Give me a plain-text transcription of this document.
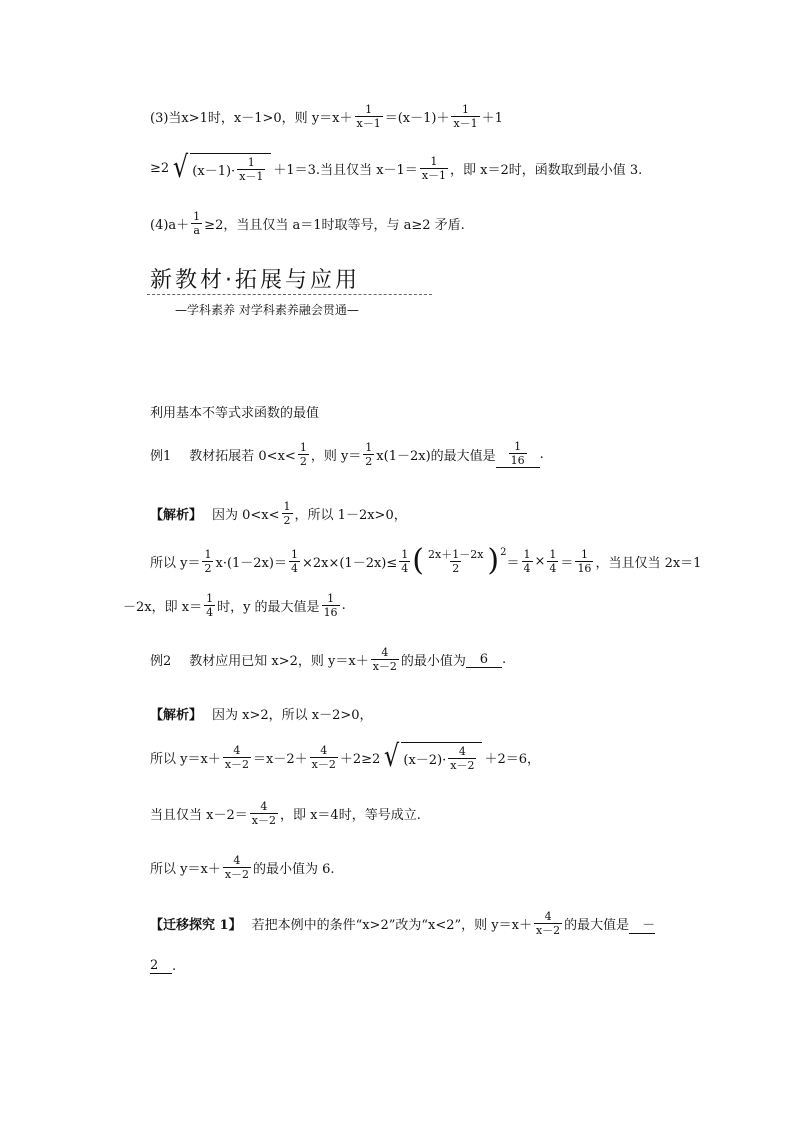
(3)当 x>1时，x－1>0，则 $y=x+ \frac{1}{x-1} =(x-1)+ \frac{1}{x-1} +1$
≥2 √ $(x-1)\cdot \frac{1}{x-1} +1=3$.当且仅当 $x-1= \frac{1}{x-1}$ ，即 x＝2时，函数取到最小值 3.
$(4)a+ \frac{1}{a} \ge 2$，当且仅当 a＝1时取等号，与 a≥2 矛盾.
新教材·拓展与应用
—学科素养 对学科素养融会贯通—
利用基本不等式求函数的最值
例1 教材拓展若 $0<x< \frac{1}{2}$ ，则 $y= \frac{1}{2} x(1-2x)$的最大值是 $\frac{1}{16}$ .
【解析】 因为 $0<x< \frac{1}{2}$ ，所以 1－2x>0，
所以 $y= \frac{1}{2} x\cdot(1-2x)= \frac{1}{4} \times 2x\times(1-2x)\le \frac{1}{4}$ ( $\frac{2x+1-2x}{2}$ ) 2
＝ $\frac{1}{4} \times \frac{1}{4} = \frac{1}{16}$ ，当且仅当 2x＝1
－2x，即 $x= \frac{1}{4}$ 时，y 的最大值是 $\frac{1}{16}$ .
例2 教材应用已知 x>2，则 $y=x+ \frac{4}{x-2}$ 的最小值为	6	.
【解析】 因为 x>2，所以 x－2>0，
所以 $y=x+ \frac{4}{x-2} =x-2+ \frac{4}{x-2} +2\ge 2$ √ $(x-2)\cdot \frac{4}{x-2} +2=6$，
当且仅当 $x-2= \frac{4}{x-2}$ ，即 x＝4时，等号成立.
所以 $y=x+ \frac{4}{x-2}$ 的最小值为 6.
【迁移探究 1】 若把本例中的条件“x>2”改为“x<2”，则 $y=x+ \frac{4}{x-2}$ 的最大值是 －
2	.
